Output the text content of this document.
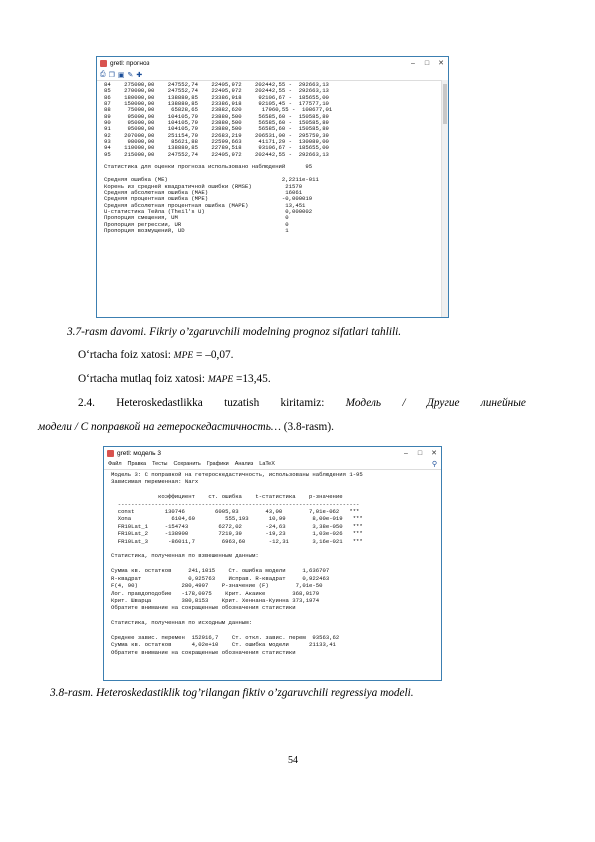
gretl: прогноз	–	□	✕
⎙ ❐ ▣ ✎ ✚
84    275000,00    247552,74    22405,972    202442,55 -  292663,13
85    270000,00    247552,74    22405,972    202442,55 -  292663,13
86    180000,00    138880,85    23386,918     92106,67 -  185655,00
87    150000,00    138880,85    23386,918     92105,45 -  177577,10
88     75000,00     65828,65    23882,620      17960,55 -  108677,01
89     95000,00    104105,79    23880,500     56585,60 -  150585,89
90     95000,00    104105,79    23880,500     56585,60 -  150585,89
91     95000,00    104105,79    23880,500     56585,60 -  150585,89
92    207000,00    251154,70    22683,219    206531,00 -  295759,39
93     98000,00     85621,88    22599,663     41171,29 -  130089,00
94    110000,00    138880,85    22789,518     93106,67 -  185655,00
95    215000,00    247552,74    22405,972    202442,55 -  292663,13

Статистика для оценки прогноза использовано наблюдений      95

Средняя ошибка (ME)                                  2,2211e-011
Корень из средней квадратичной ошибки (RMSE)          21570
Средняя абсолютная ошибка (MAE)                       16061
Средняя процентная ошибка (MPE)                      -0,000019
Средняя абсолютная процентная ошибка (MAPE)           13,451
U-статистика Тейла (Theil's U)                        0,000002
Пропорция смещения, UM                                0
Пропорция регрессии, UR                               0
Пропорция возмущений, UD                              1
3.7-rasm davomi. Fikriy o’zgaruvchili modelning prognoz sifatlari tahlili.
O‘rtacha foiz xatosi: MPE = –0,07.
O‘rtacha mutlaq foiz xatosi: MAPE =13,45.
2.4. Heteroskedastlikka tuzatish kiritamiz: Модель / Другие линейные
модели / С поправкой на гетероскедастичность… (3.8-rasm).
gretl: модель 3	–	□	✕
Файл Правка Тесты Сохранить Графики Анализ LaTeX	⚲
Модель 3: С поправкой на гетероскедастичность, использованы наблюдения 1-95
Зависимая переменная: Narx

коэффициент    ст. ошибка    t-статистика    р-значение
------------------------------------------------------------------------
const         130746         6005,03        43,00        7,01e-062   ***
Xona            6104,60         555,193      10,99        8,00e-019   ***
FR10Lat_1     -154743         6272,02       -24,63        3,38e-050   ***
FR10Lat_2     -138900         7219,39       -19,23        1,03e-026   ***
FR10Lat_3      -86011,7        6963,60       -12,31       3,16e-021   ***

Статистика, полученная по взвешенным данным:

Сумма кв. остатков     241,1015    Ст. ошибка модели     1,636707
R-квадрат              0,925763    Исправ. R-квадрат     0,922463
F(4, 90)             280,4997    Р-значение (F)        7,01e-50
Лог. правдоподобие   -178,0075    Крит. Акаике        368,0179
Крит. Шварца         380,8153    Крит. Хеннана-Куинна 373,1974
Обратите внимание на сокращенные обозначения статистики

Статистика, полученная по исходным данным:

Среднее завис. перемен  152916,7    Ст. откл. завис. перем  93563,62
Сумма кв. остатков      4,02e+10    Ст. ошибка модели      21133,41
Обратите внимание на сокращенные обозначения статистики
3.8-rasm. Heteroskedastiklik tog’rilangan fiktiv o’zgaruvchili regressiya modeli.
54
